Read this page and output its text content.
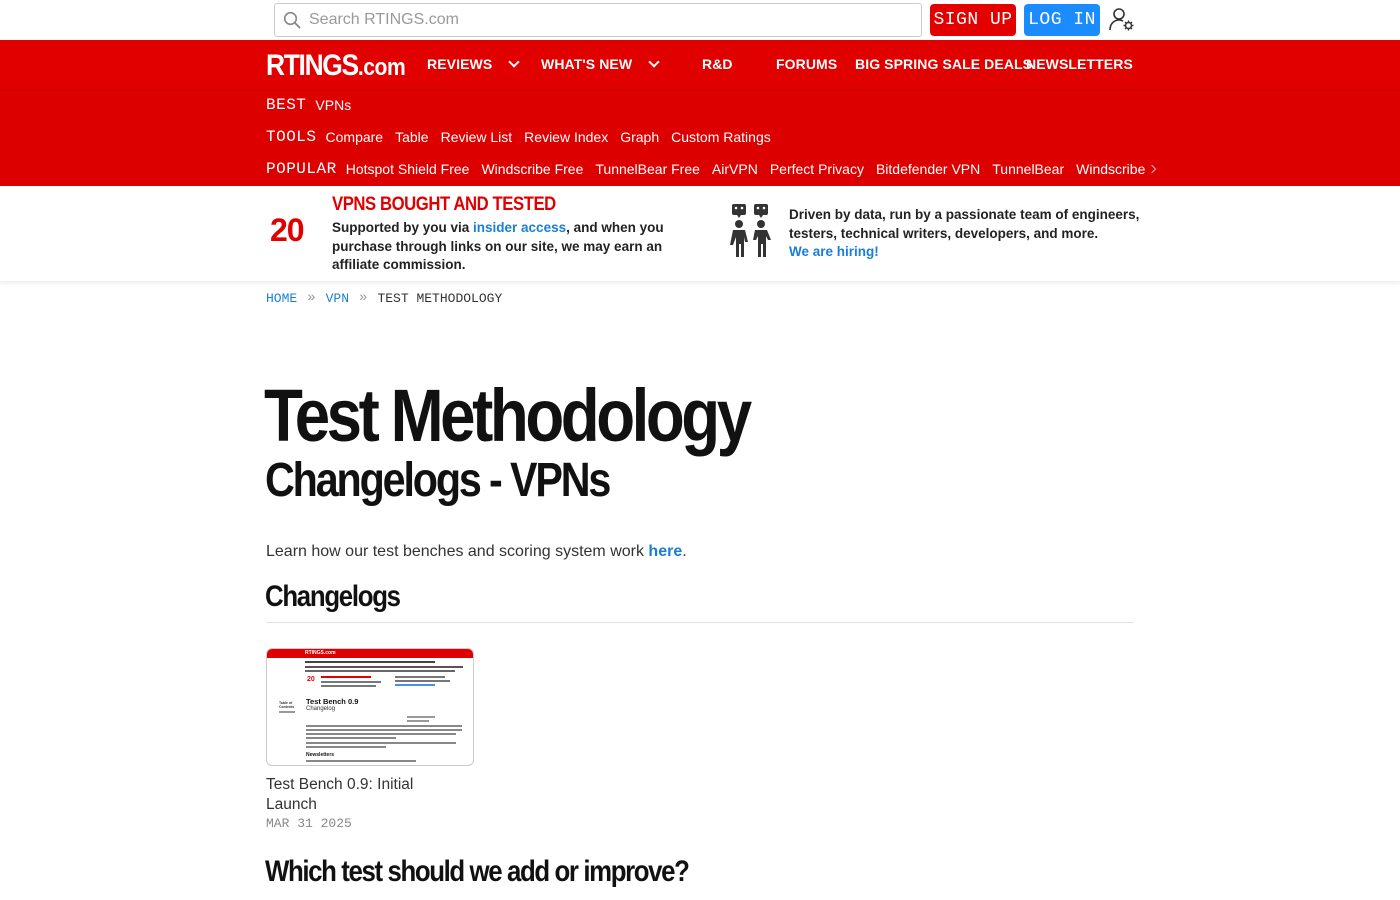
Search RTINGS.com
SIGN UP LOG IN
RTINGS.com REVIEWS	WHAT'S NEW	R&D	FORUMS BIG SPRING SALE DEALS
NEWSLETTERS
BEST VPNs
TOOLS Compare Table Review List Review Index Graph Custom Ratings
POPULAR Hotspot Shield Free Windscribe Free TunnelBear Free AirVPN Perfect Privacy Bitdefender VPN TunnelBear Windscribe
20
VPNS BOUGHT AND TESTED
Supported by you via insider access, and when you purchase through links on our site, we may earn an affiliate commission.
Driven by data, run by a passionate team of engineers, testers, technical writers, developers, and more.
We are hiring!
HOME » VPN » TEST METHODOLOGY
Test Methodology
Changelogs - VPNs

Learn how our test benches and scoring system work here.

Changelogs
RTINGS.com
20
Table of Contents
Test Bench 0.9
Changelog
Newsletters
Test Bench 0.9: Initial Launch
MAR 31 2025
Which test should we add or improve?
